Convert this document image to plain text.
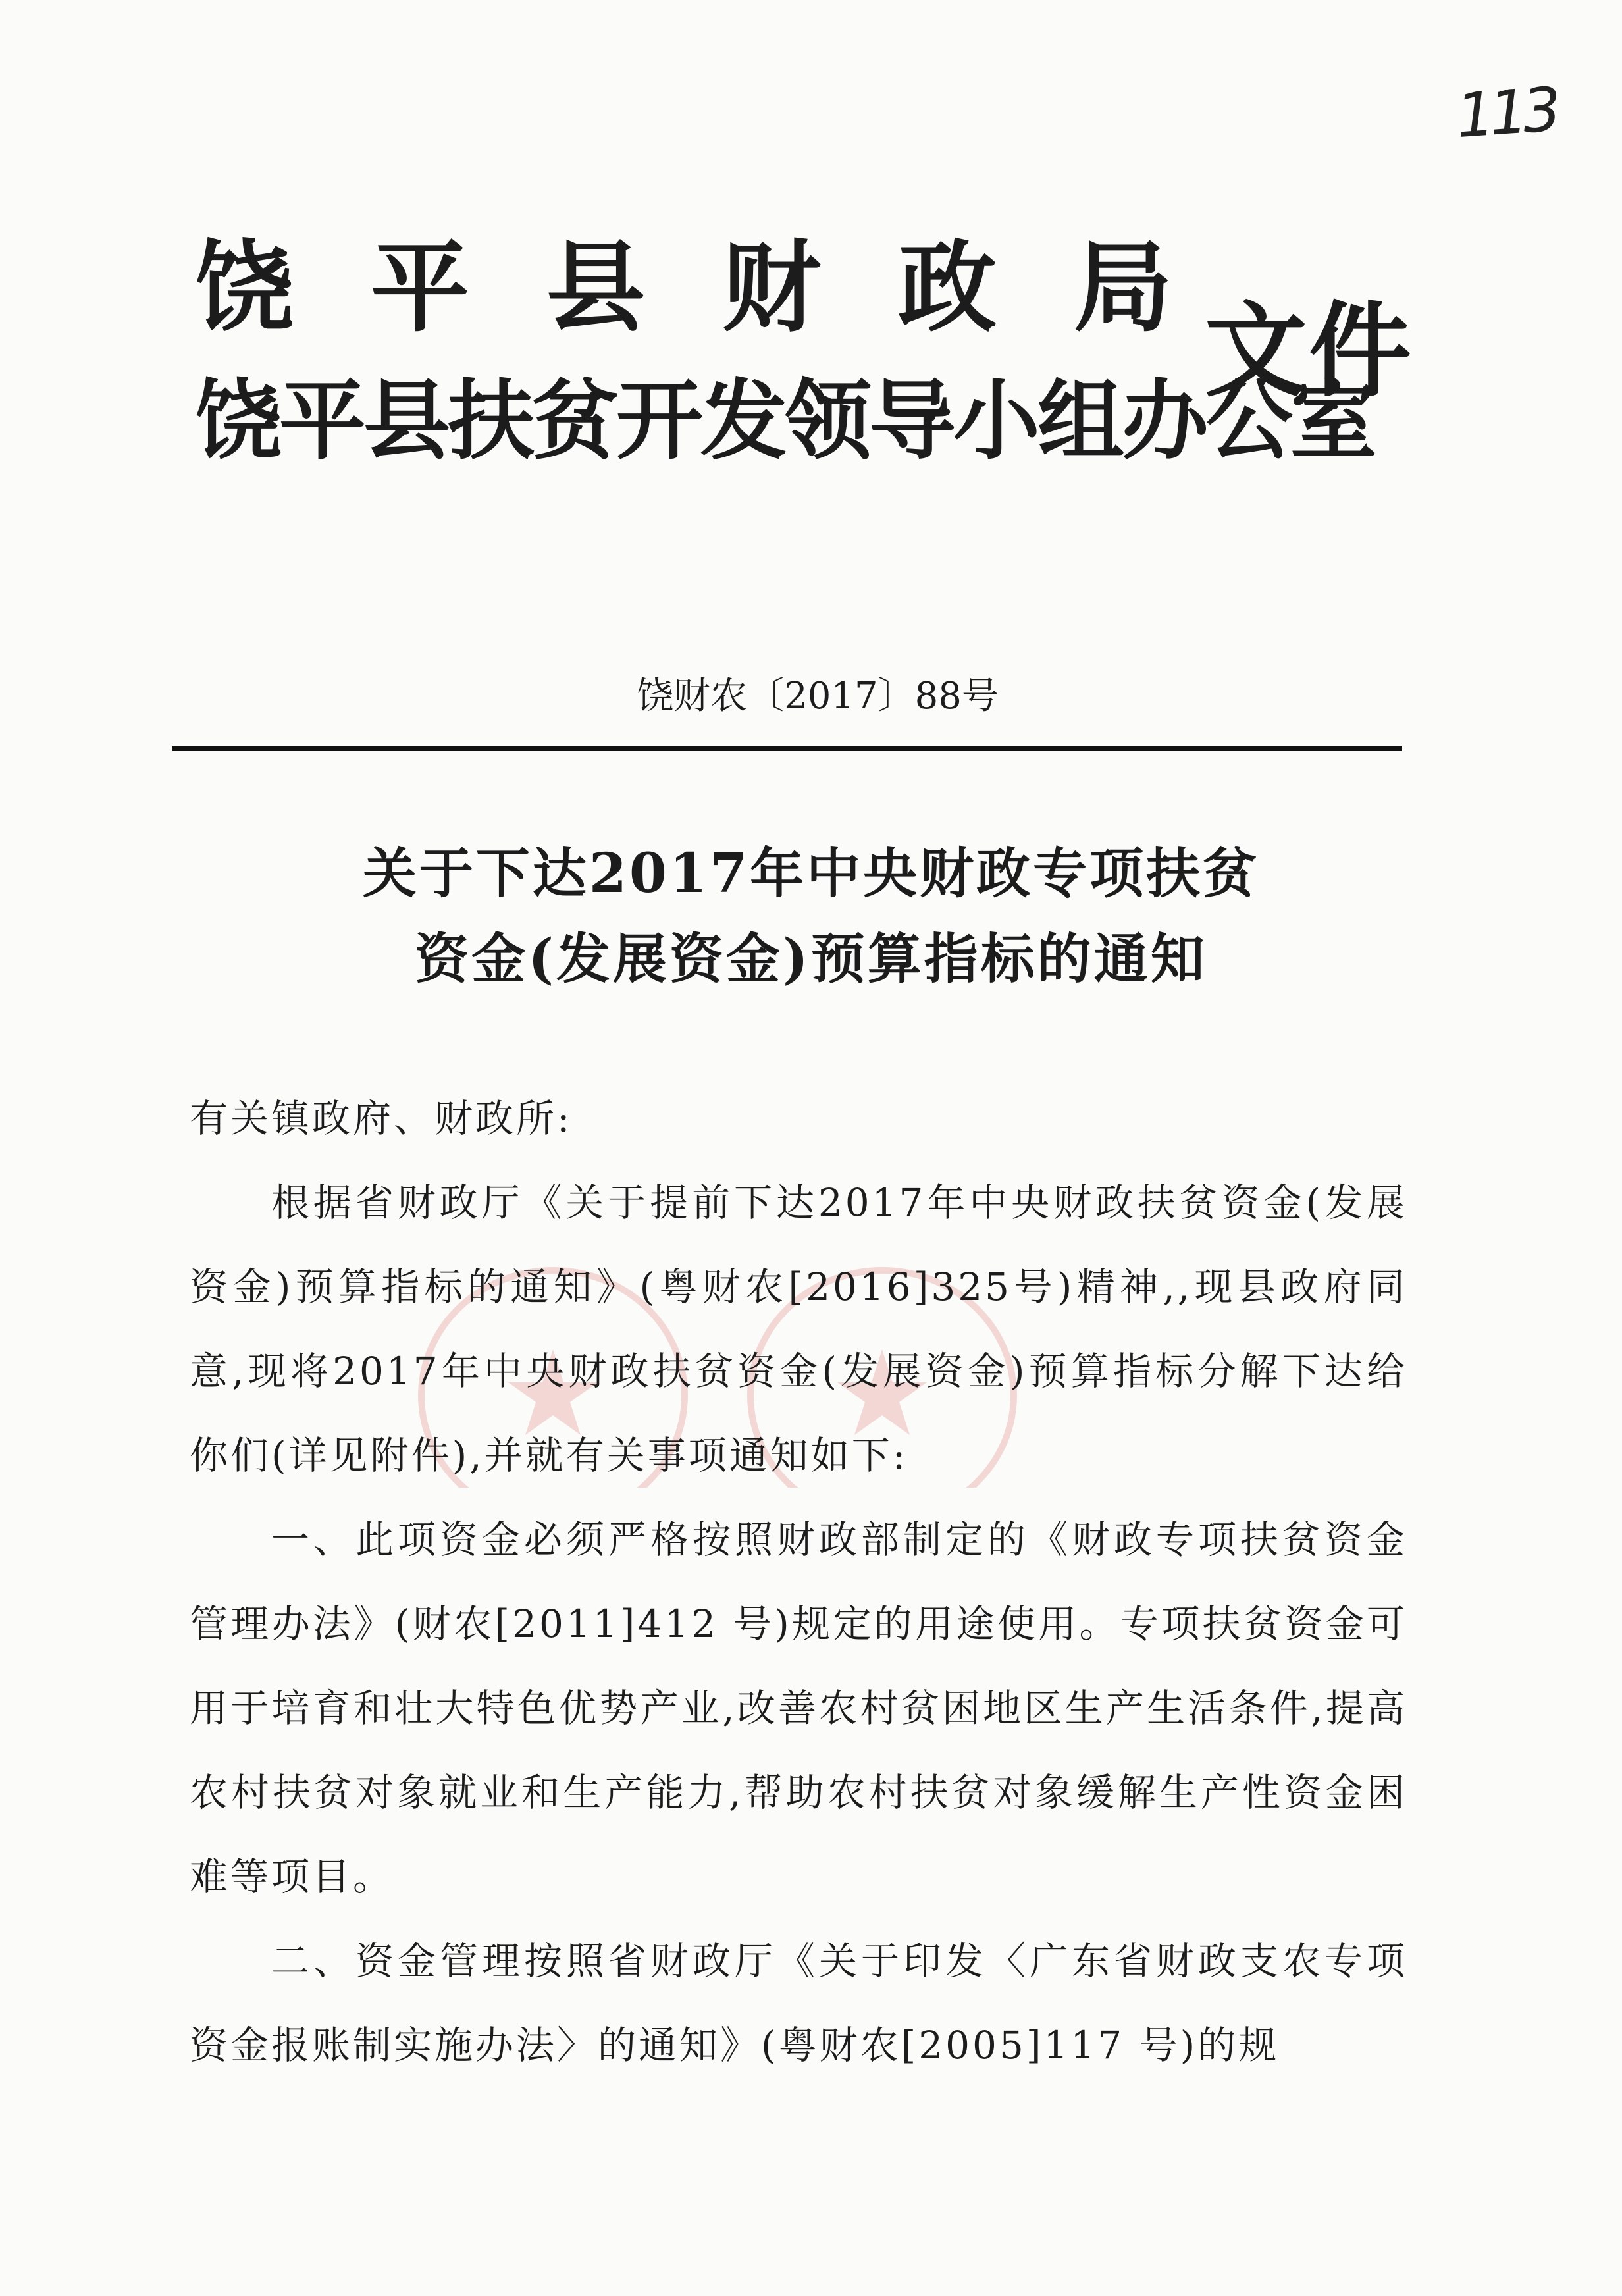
113
饶 平 县 财 政 局
饶平县扶贫开发领导小组办公室
文件
饶财农〔2017〕88号
关于下达2017年中央财政专项扶贫
资金(发展资金)预算指标的通知

有关镇政府、财政所:

根据省财政厅《关于提前下达2017年中央财政扶贫资金(发展资金)预算指标的通知》(粤财农[2016]325号)精神,,现县政府同意,现将2017年中央财政扶贫资金(发展资金)预算指标分解下达给你们(详见附件),并就有关事项通知如下:

一、此项资金必须严格按照财政部制定的《财政专项扶贫资金管理办法》(财农[2011]412 号)规定的用途使用。专项扶贫资金可用于培育和壮大特色优势产业,改善农村贫困地区生产生活条件,提高农村扶贫对象就业和生产能力,帮助农村扶贫对象缓解生产性资金困难等项目。

二、资金管理按照省财政厅《关于印发〈广东省财政支农专项资金报账制实施办法〉的通知》(粤财农[2005]117 号)的规
